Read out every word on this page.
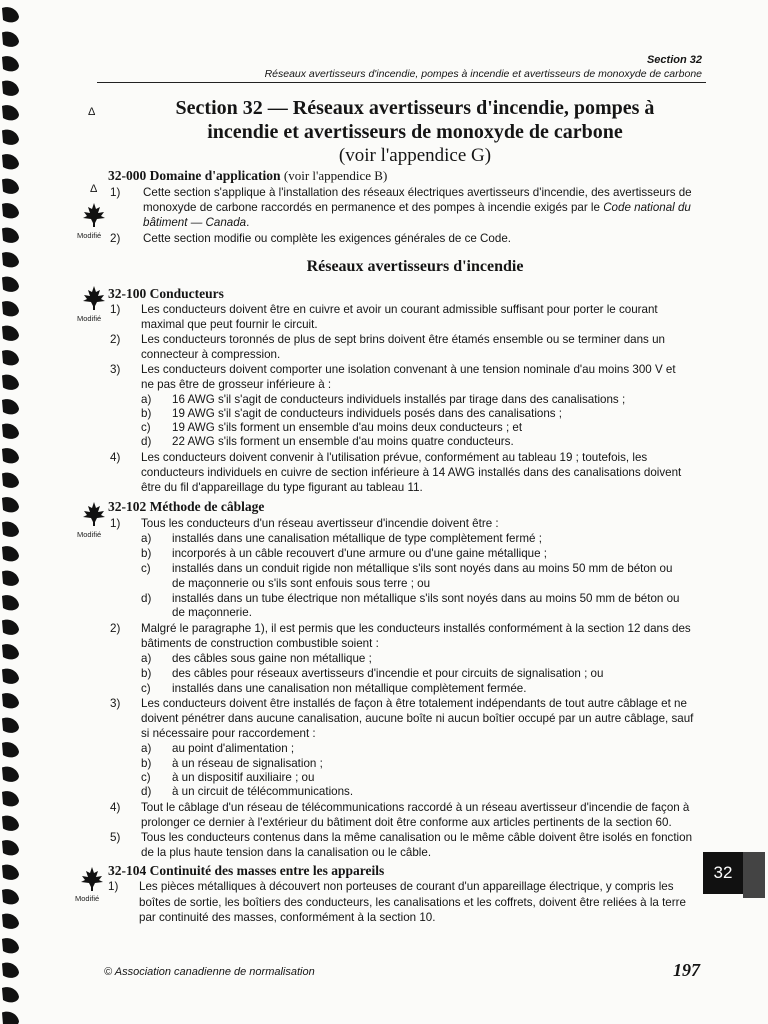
Section 32
Réseaux avertisseurs d'incendie, pompes à incendie et avertisseurs de monoxyde de carbone
Δ	Section 32 — Réseaux avertisseurs d'incendie, pompes à
incendie et avertisseurs de monoxyde de carbone
(voir l'appendice G)
32-000 Domaine d'application (voir l'appendice B)
Δ 1) Cette section s'applique à l'installation des réseaux électriques avertisseurs d'incendie, des avertisseurs de
monoxyde de carbone raccordés en permanence et des pompes à incendie exigés par le Code national du
bâtiment — Canada.
Modifié 2) Cette section modifie ou complète les exigences générales de ce Code.
Réseaux avertisseurs d'incendie
Modifié
32-100 Conducteurs
1) Les conducteurs doivent être en cuivre et avoir un courant admissible suffisant pour porter le courant
maximal que peut fournir le circuit.
2) Les conducteurs toronnés de plus de sept brins doivent être étamés ensemble ou se terminer dans un
connecteur à compression.
3) Les conducteurs doivent comporter une isolation convenant à une tension nominale d'au moins 300 V et
ne pas être de grosseur inférieure à :
a) 16 AWG s'il s'agit de conducteurs individuels installés par tirage dans des canalisations ;
b) 19 AWG s'il s'agit de conducteurs individuels posés dans des canalisations ;
c) 19 AWG s'ils forment un ensemble d'au moins deux conducteurs ; et
d) 22 AWG s'ils forment un ensemble d'au moins quatre conducteurs.
4) Les conducteurs doivent convenir à l'utilisation prévue, conformément au tableau 19 ; toutefois, les
conducteurs individuels en cuivre de section inférieure à 14 AWG installés dans des canalisations doivent
être du fil d'appareillage du type figurant au tableau 11.
Modifié
32-102 Méthode de câblage
1) Tous les conducteurs d'un réseau avertisseur d'incendie doivent être :
a) installés dans une canalisation métallique de type complètement fermé ;
b) incorporés à un câble recouvert d'une armure ou d'une gaine métallique ;
c) installés dans un conduit rigide non métallique s'ils sont noyés dans au moins 50 mm de béton ou
de maçonnerie ou s'ils sont enfouis sous terre ; ou
d) installés dans un tube électrique non métallique s'ils sont noyés dans au moins 50 mm de béton ou
de maçonnerie.
2) Malgré le paragraphe 1), il est permis que les conducteurs installés conformément à la section 12 dans des
bâtiments de construction combustible soient :
a) des câbles sous gaine non métallique ;
b) des câbles pour réseaux avertisseurs d'incendie et pour circuits de signalisation ; ou
c) installés dans une canalisation non métallique complètement fermée.
3) Les conducteurs doivent être installés de façon à être totalement indépendants de tout autre câblage et ne
doivent pénétrer dans aucune canalisation, aucune boîte ni aucun boîtier occupé par un autre câblage, sauf
si nécessaire pour raccordement :
a) au point d'alimentation ;
b) à un réseau de signalisation ;
c) à un dispositif auxiliaire ; ou
d) à un circuit de télécommunications.
4) Tout le câblage d'un réseau de télécommunications raccordé à un réseau avertisseur d'incendie de façon à
prolonger ce dernier à l'extérieur du bâtiment doit être conforme aux articles pertinents de la section 60.
5) Tous les conducteurs contenus dans la même canalisation ou le même câble doivent être isolés en fonction
de la plus haute tension dans la canalisation ou le câble.
Modifié
32-104 Continuité des masses entre les appareils
1) Les pièces métalliques à découvert non porteuses de courant d'un appareillage électrique, y compris les
boîtes de sortie, les boîtiers des conducteurs, les canalisations et les coffrets, doivent être reliées à la terre
par continuité des masses, conformément à la section 10.
32
© Association canadienne de normalisation	197
